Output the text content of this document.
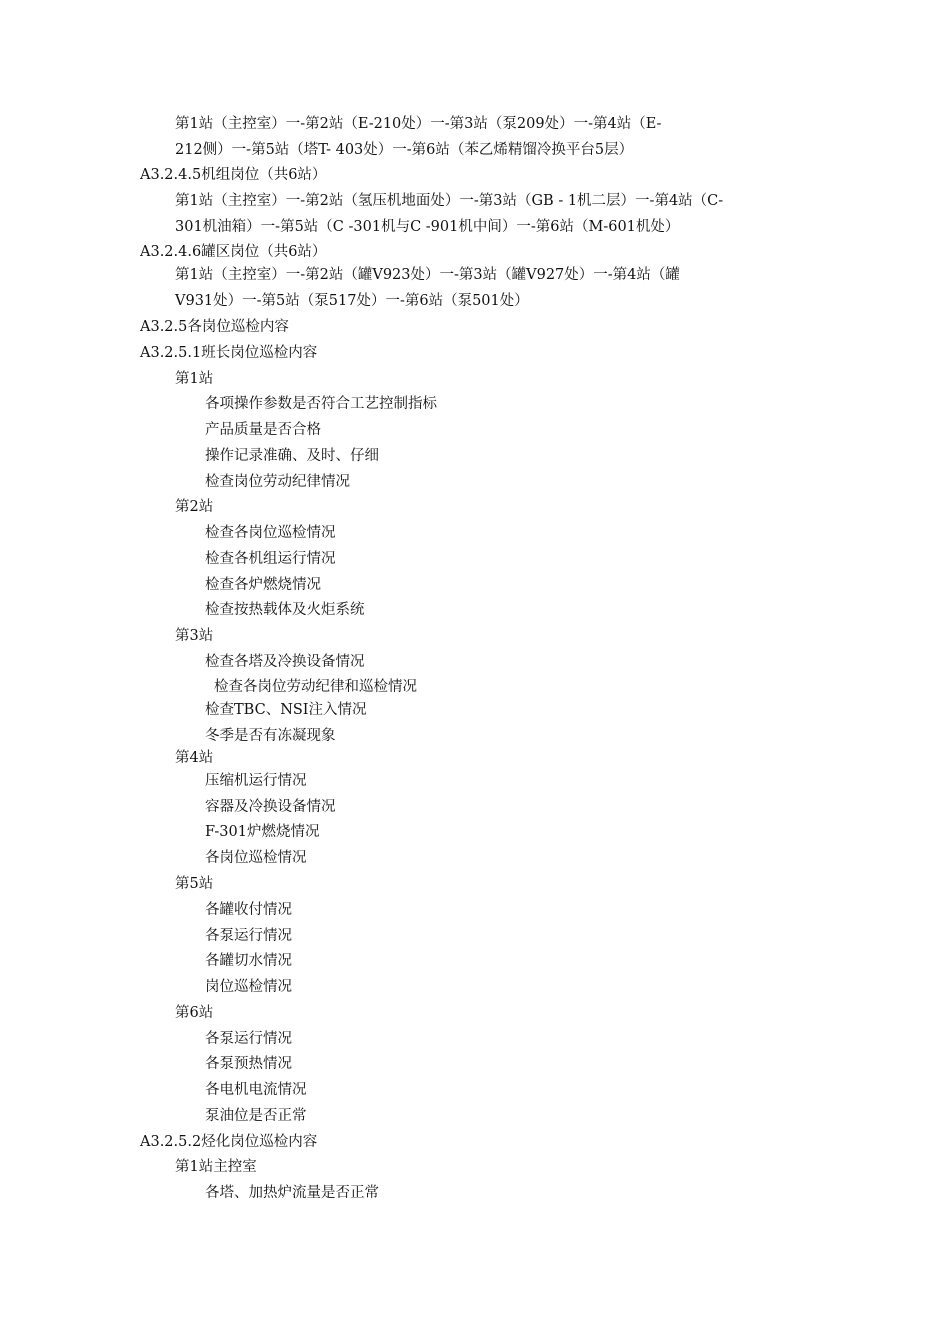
第1站（主控室）一-第2站（E-210处）一-第3站（泵209处）一-第4站（E-
212侧）一-第5站（塔T- 403处）一-第6站（苯乙烯精馏冷换平台5层）
A3.2.4.5机组岗位（共6站）
第1站（主控室）一-第2站（氢压机地面处）一-第3站（GB - 1机二层）一-第4站（C-
301机油箱）一-第5站（C -301机与C -901机中间）一-第6站（M-601机处）
A3.2.4.6罐区岗位（共6站）
第1站（主控室）一-第2站（罐V923处）一-第3站（罐V927处）一-第4站（罐
V931处）一-第5站（泵517处）一-第6站（泵501处）
A3.2.5各岗位巡检内容
A3.2.5.1班长岗位巡检内容
第1站
各项操作参数是否符合工艺控制指标
产品质量是否合格
操作记录准确、及时、仔细
检查岗位劳动纪律情况
第2站
检查各岗位巡检情况
检查各机组运行情况
检查各炉燃烧情况
检查按热载体及火炬系统
第3站
检查各塔及冷换设备情况
检查各岗位劳动纪律和巡检情况
检查TBC、NSI注入情况
冬季是否有冻凝现象
第4站
压缩机运行情况
容器及冷换设备情况
F-301炉燃烧情况
各岗位巡检情况
第5站
各罐收付情况
各泵运行情况
各罐切水情况
岗位巡检情况
第6站
各泵运行情况
各泵预热情况
各电机电流情况
泵油位是否正常
A3.2.5.2烃化岗位巡检内容
第1站主控室
各塔、加热炉流量是否正常
